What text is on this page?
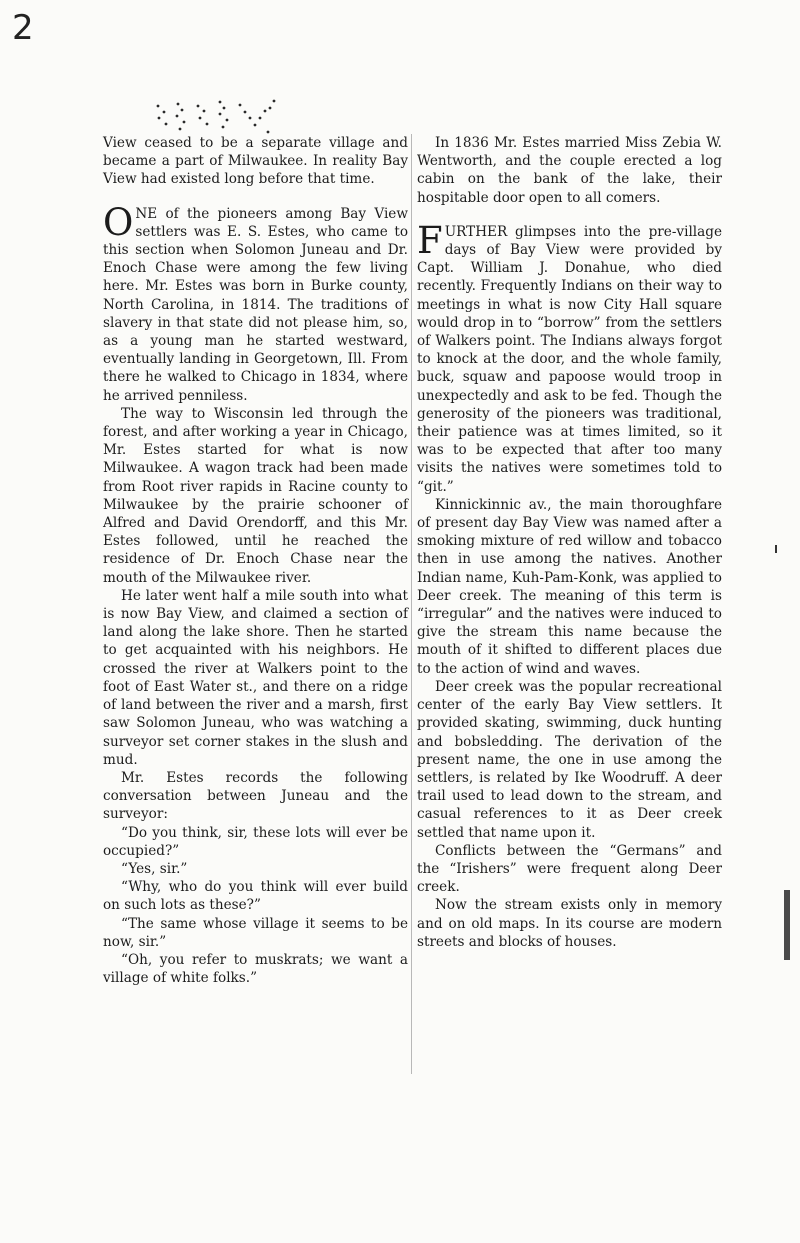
2

View ceased to be a separate village and became a part of Milwaukee. In reality Bay View had existed long before that time.

ONE of the pioneers among Bay View settlers was E. S. Estes, who came to this section when Solomon Juneau and Dr. Enoch Chase were among the few living here. Mr. Estes was born in Burke county, North Carolina, in 1814. The traditions of slavery in that state did not please him, so, as a young man he started westward, eventually landing in Georgetown, Ill. From there he walked to Chicago in 1834, where he arrived penniless.

The way to Wisconsin led through the forest, and after working a year in Chicago, Mr. Estes started for what is now Milwaukee. A wagon track had been made from Root river rapids in Racine county to Milwaukee by the prairie schooner of Alfred and David Orendorff, and this Mr. Estes followed, until he reached the residence of Dr. Enoch Chase near the mouth of the Milwaukee river.

He later went half a mile south into what is now Bay View, and claimed a section of land along the lake shore. Then he started to get acquainted with his neighbors. He crossed the river at Walkers point to the foot of East Water st., and there on a ridge of land between the river and a marsh, first saw Solomon Juneau, who was watching a surveyor set corner stakes in the slush and mud.

Mr. Estes records the following conversation between Juneau and the surveyor:

“Do you think, sir, these lots will ever be occupied?”

“Yes, sir.”

“Why, who do you think will ever build on such lots as these?”

“The same whose village it seems to be now, sir.”

“Oh, you refer to muskrats; we want a village of white folks.”

In 1836 Mr. Estes married Miss Zebia W. Wentworth, and the couple erected a log cabin on the bank of the lake, their hospitable door open to all comers.

FURTHER glimpses into the pre-village days of Bay View were provided by Capt. William J. Donahue, who died recently. Frequently Indians on their way to meetings in what is now City Hall square would drop in to “borrow” from the settlers of Walkers point. The Indians always forgot to knock at the door, and the whole family, buck, squaw and papoose would troop in unexpectedly and ask to be fed. Though the generosity of the pioneers was traditional, their patience was at times limited, so it was to be expected that after too many visits the natives were sometimes told to “git.”

Kinnickinnic av., the main thoroughfare of present day Bay View was named after a smoking mixture of red willow and tobacco then in use among the natives. Another Indian name, Kuh-Pam-Konk, was applied to Deer creek. The meaning of this term is “irregular” and the natives were induced to give the stream this name because the mouth of it shifted to different places due to the action of wind and waves.

Deer creek was the popular recreational center of the early Bay View settlers. It provided skating, swimming, duck hunting and bobsledding. The derivation of the present name, the one in use among the settlers, is related by Ike Woodruff. A deer trail used to lead down to the stream, and casual references to it as Deer creek settled that name upon it.

Conflicts between the “Germans” and the “Irishers” were frequent along Deer creek.

Now the stream exists only in memory and on old maps. In its course are modern streets and blocks of houses.
